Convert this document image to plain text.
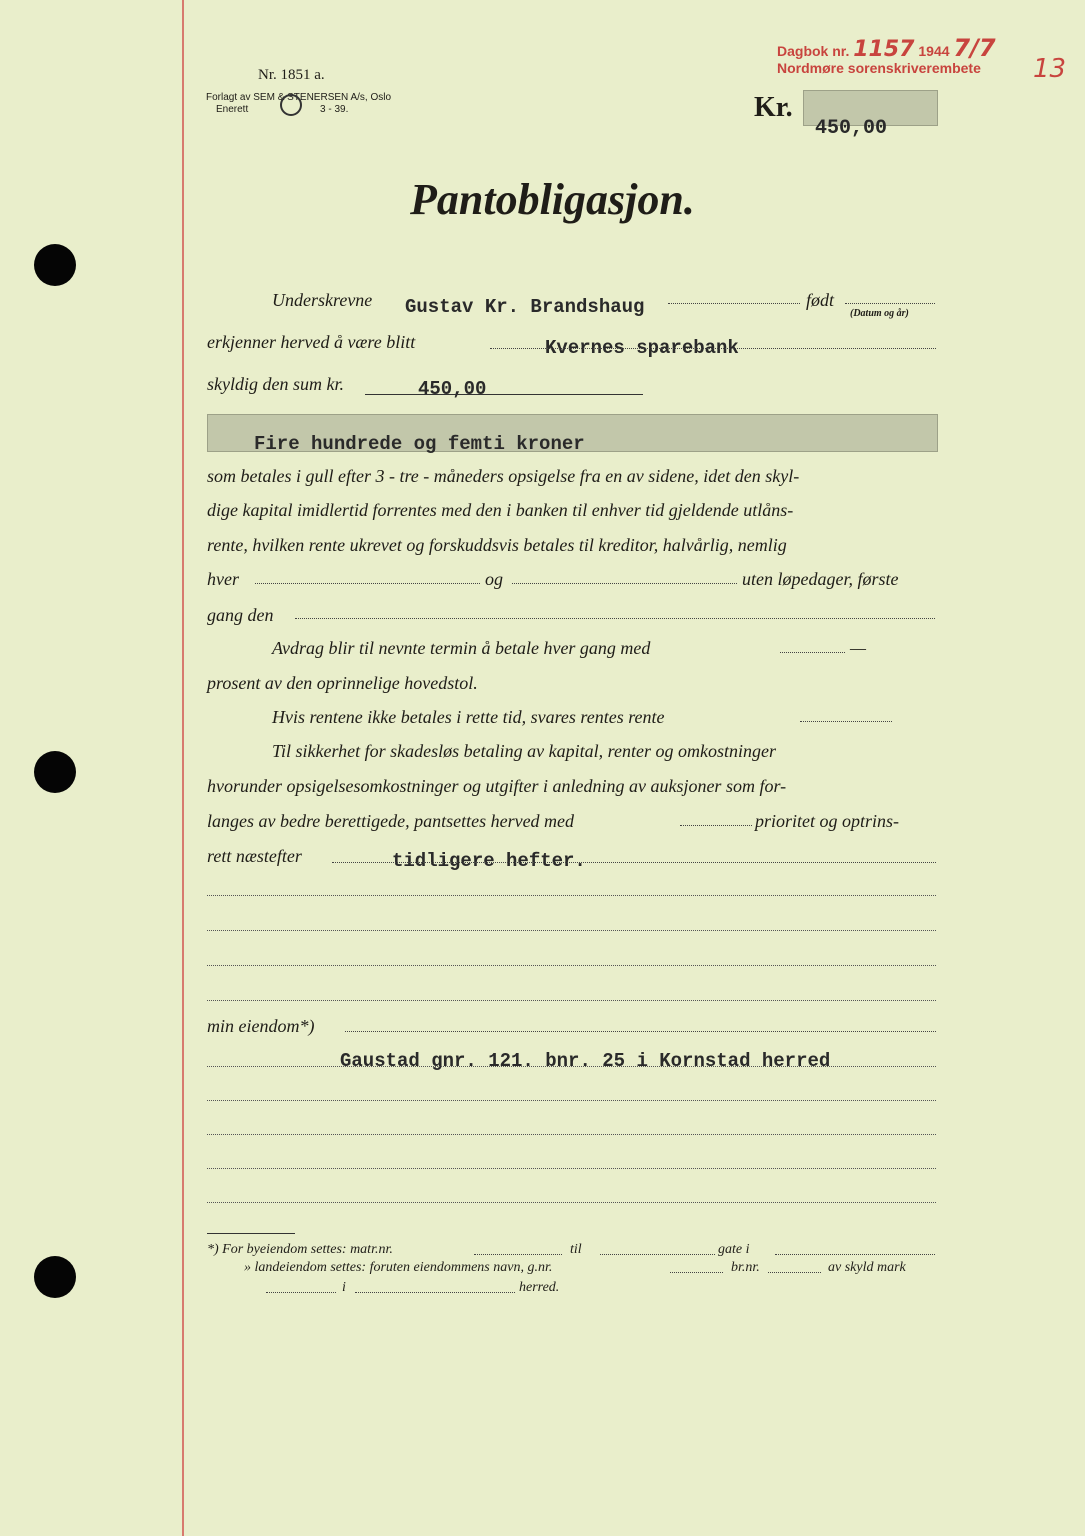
Nr. 1851 a.
Forlagt av SEM & STENERSEN A/s, Oslo
Enerett	3 - 39.
Dagbok nr. 1157 1944 7/7
Nordmøre sorenskriverembete 13
Kr.
450,00
Pantobligasjon.
Underskrevne Gustav Kr. Brandshaug	født
(Datum og år)
erkjenner herved å være blitt	Kvernes sparebank
skyldig den sum kr.	450,00
Fire hundrede og femti kroner
som betales i gull efter 3 - tre - måneders opsigelse fra en av sidene, idet den skyl-
dige kapital imidlertid forrentes med den i banken til enhver tid gjeldende utlåns-
rente, hvilken rente ukrevet og forskuddsvis betales til kreditor, halvårlig, nemlig
hver	og	uten løpedager, første
gang den
Avdrag blir til nevnte termin å betale hver gang med	—
prosent av den oprinnelige hovedstol.
Hvis rentene ikke betales i rette tid, svares rentes rente
Til sikkerhet for skadesløs betaling av kapital, renter og omkostninger
hvorunder opsigelsesomkostninger og utgifter i anledning av auksjoner som for-
langes av bedre berettigede, pantsettes herved med	prioritet og optrins-
rett næstefter	tidligere hefter.
min eiendom*)
Gaustad gnr. 121. bnr. 25 i Kornstad herred
*) For byeiendom settes: matr.nr.	til	gate i
» landeiendom settes: foruten eiendommens navn, g.nr.	br.nr.	av skyld mark
i	herred.
